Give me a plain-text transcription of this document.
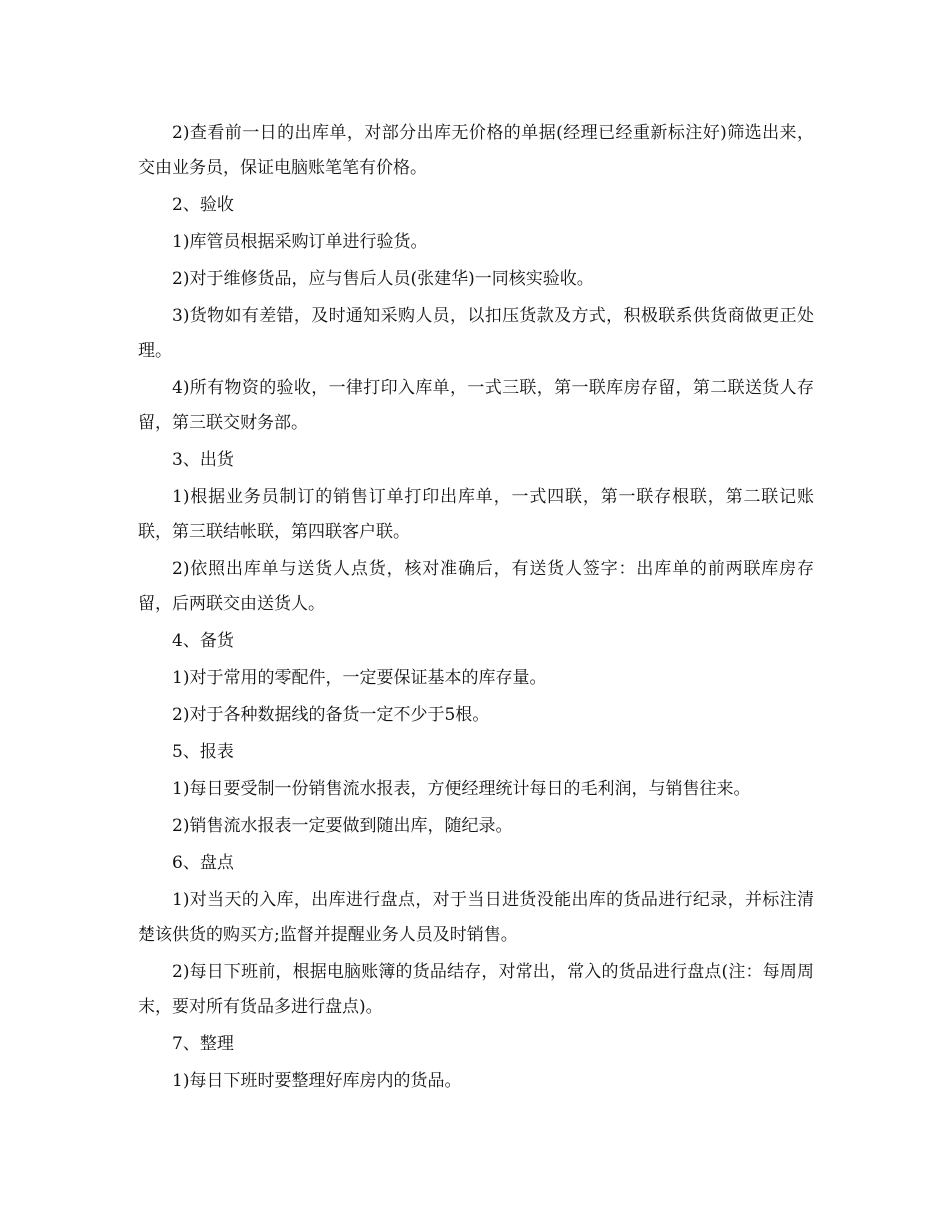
2)查看前一日的出库单，对部分出库无价格的单据(经理已经重新标注好)筛选出来，交由业务员，保证电脑账笔笔有价格。

2、验收

1)库管员根据采购订单进行验货。

2)对于维修货品，应与售后人员(张建华)一同核实验收。

3)货物如有差错，及时通知采购人员，以扣压货款及方式，积极联系供货商做更正处理。

4)所有物资的验收，一律打印入库单，一式三联，第一联库房存留，第二联送货人存留，第三联交财务部。

3、出货

1)根据业务员制订的销售订单打印出库单，一式四联，第一联存根联，第二联记账联，第三联结帐联，第四联客户联。

2)依照出库单与送货人点货，核对准确后，有送货人签字：出库单的前两联库房存留，后两联交由送货人。

4、备货

1)对于常用的零配件，一定要保证基本的库存量。

2)对于各种数据线的备货一定不少于5根。

5、报表

1)每日要受制一份销售流水报表，方便经理统计每日的毛利润，与销售往来。

2)销售流水报表一定要做到随出库，随纪录。

6、盘点

1)对当天的入库，出库进行盘点，对于当日进货没能出库的货品进行纪录，并标注清楚该供货的购买方;监督并提醒业务人员及时销售。

2)每日下班前，根据电脑账簿的货品结存，对常出，常入的货品进行盘点(注：每周周末，要对所有货品多进行盘点)。

7、整理

1)每日下班时要整理好库房内的货品。
